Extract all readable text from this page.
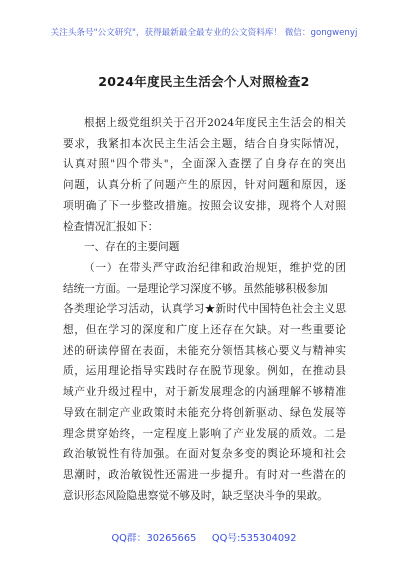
关注头条号"公文研究"，获得最新最全最专业的公文资料库！ 微信：gongwenyj
2024年度民主生活会个人对照检查2
根据上级党组织关于召开2024年度民主生活会的相关
要求，我紧扣本次民主生活会主题，结合自身实际情况，
认真对照"四个带头"，全面深入查摆了自身存在的突出
问题，认真分析了问题产生的原因，针对问题和原因，逐
项明确了下一步整改措施。按照会议安排，现将个人对照
检查情况汇报如下：
一、存在的主要问题
（一）在带头严守政治纪律和政治规矩，维护党的团
结统一方面。一是理论学习深度不够。虽然能够积极参加
各类理论学习活动，认真学习★新时代中国特色社会主义思
想，但在学习的深度和广度上还存在欠缺。对一些重要论
述的研读停留在表面，未能充分领悟其核心要义与精神实
质，运用理论指导实践时存在脱节现象。例如，在推动县
域产业升级过程中，对于新发展理念的内涵理解不够精准
导致在制定产业政策时未能充分将创新驱动、绿色发展等
理念贯穿始终，一定程度上影响了产业发展的质效。二是
政治敏锐性有待加强。在面对复杂多变的舆论环境和社会
思潮时，政治敏锐性还需进一步提升。有时对一些潜在的
意识形态风险隐患察觉不够及时，缺乏坚决斗争的果敢。
QQ群：30265665     QQ号:535304092
